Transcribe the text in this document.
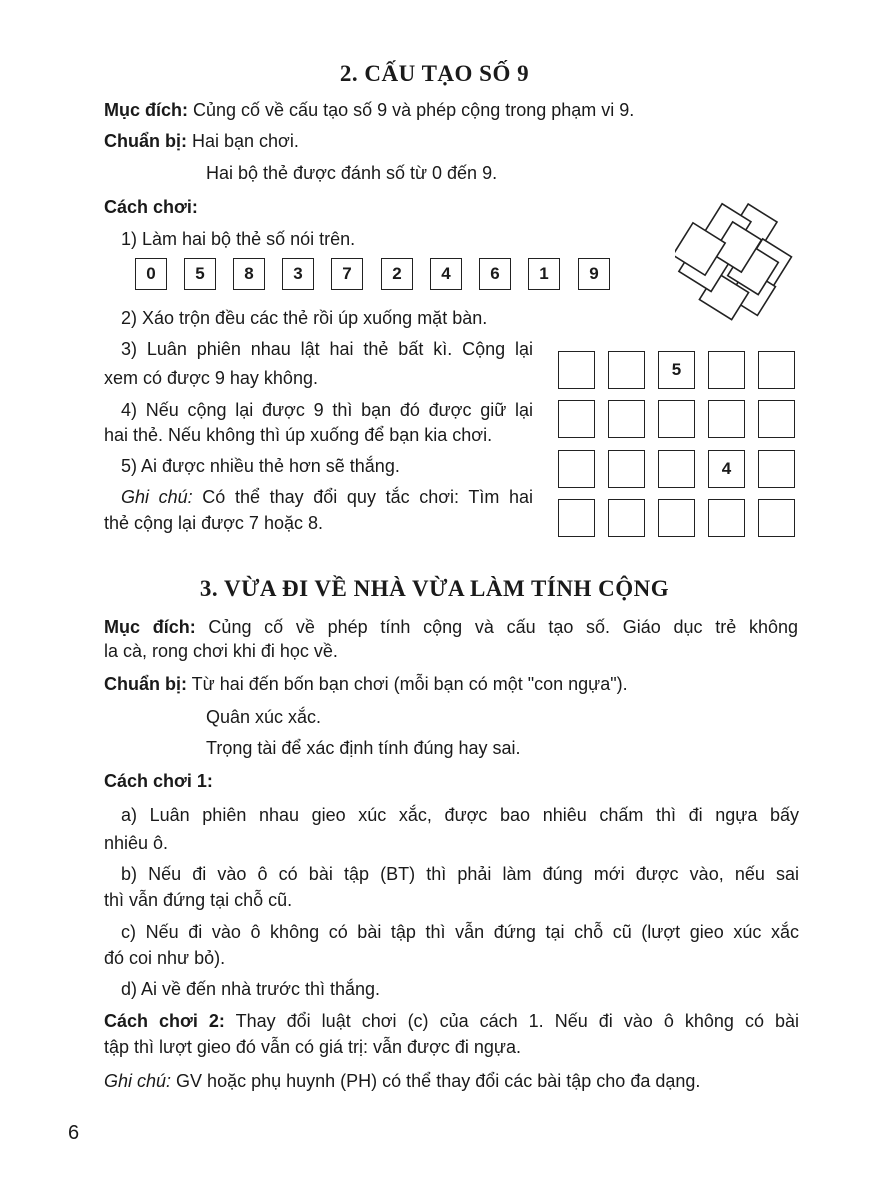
2. CẤU TẠO SỐ 9
Mục đích: Củng cố về cấu tạo số 9 và phép cộng trong phạm vi 9.
Chuẩn bị: Hai bạn chơi.
Hai bộ thẻ được đánh số từ 0 đến 9.
Cách chơi:
1) Làm hai bộ thẻ số nói trên.
0	5	8	3	7	2	4	6	1	9
2) Xáo trộn đều các thẻ rồi úp xuống mặt bàn.
3) Luân phiên nhau lật hai thẻ bất kì. Cộng lại
xem có được 9 hay không.
4) Nếu cộng lại được 9 thì bạn đó được giữ lại
hai thẻ. Nếu không thì úp xuống để bạn kia chơi.
5) Ai được nhiều thẻ hơn sẽ thắng.
Ghi chú: Có thể thay đổi quy tắc chơi: Tìm hai
thẻ cộng lại được 7 hoặc 8.
5
4
3. VỪA ĐI VỀ NHÀ VỪA LÀM TÍNH CỘNG
Mục đích: Củng cố về phép tính cộng và cấu tạo số. Giáo dục trẻ không
la cà, rong chơi khi đi học về.
Chuẩn bị: Từ hai đến bốn bạn chơi (mỗi bạn có một "con ngựa").
Quân xúc xắc.
Trọng tài để xác định tính đúng hay sai.
Cách chơi 1:
a) Luân phiên nhau gieo xúc xắc, được bao nhiêu chấm thì đi ngựa bấy
nhiêu ô.
b) Nếu đi vào ô có bài tập (BT) thì phải làm đúng mới được vào, nếu sai
thì vẫn đứng tại chỗ cũ.
c) Nếu đi vào ô không có bài tập thì vẫn đứng tại chỗ cũ (lượt gieo xúc xắc
đó coi như bỏ).
d) Ai về đến nhà trước thì thắng.
Cách chơi 2: Thay đổi luật chơi (c) của cách 1. Nếu đi vào ô không có bài
tập thì lượt gieo đó vẫn có giá trị: vẫn được đi ngựa.
Ghi chú: GV hoặc phụ huynh (PH) có thể thay đổi các bài tập cho đa dạng.
6
